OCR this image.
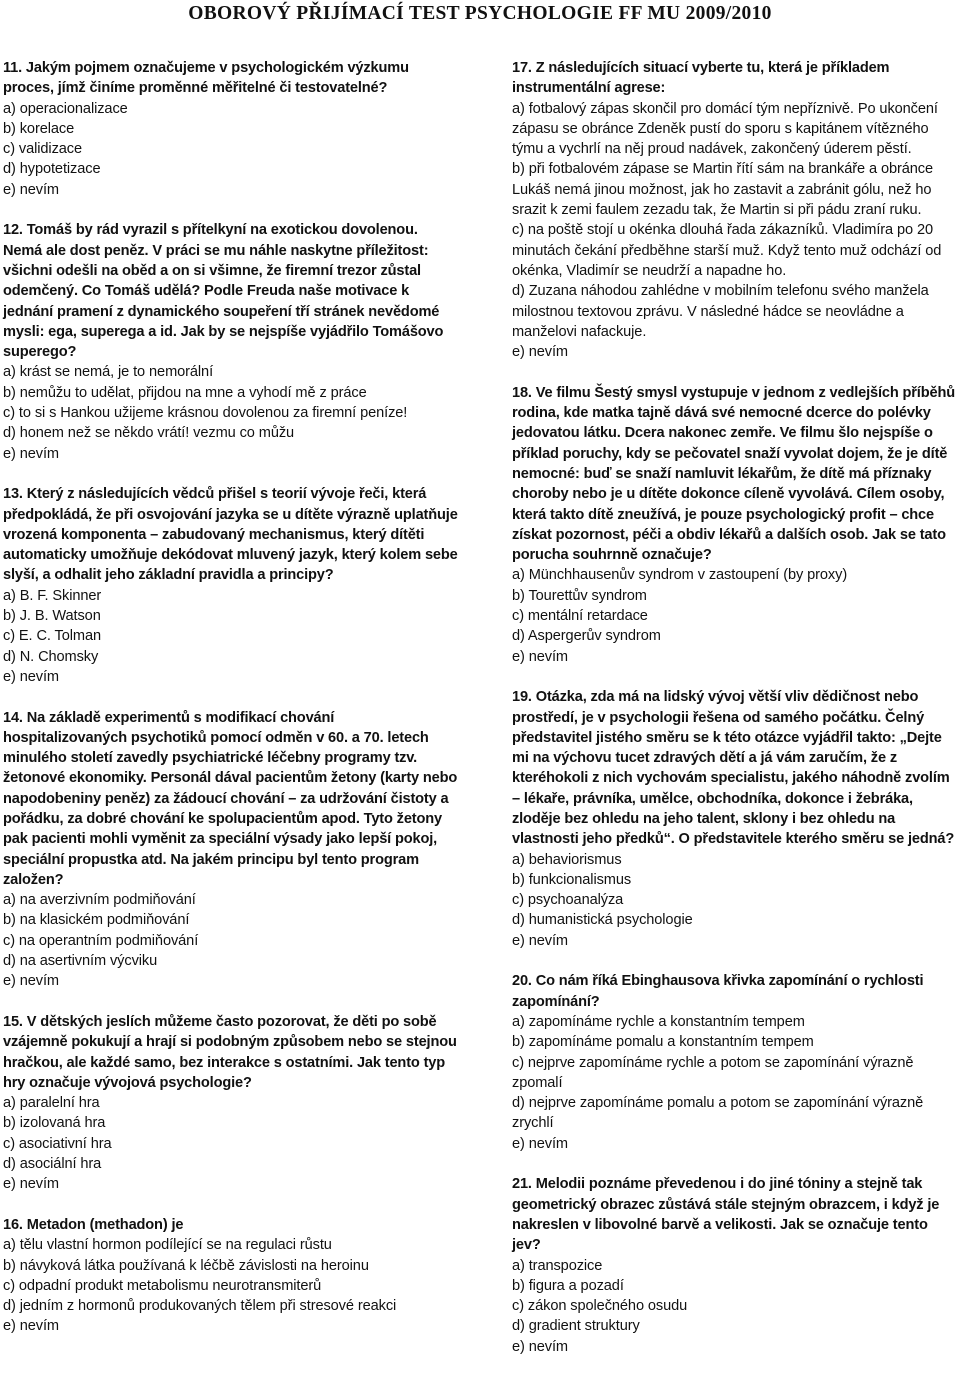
OBOROVÝ PŘIJÍMACÍ TEST PSYCHOLOGIE FF MU 2009/2010

11. Jakým pojmem označujeme v psychologickém výzkumu proces, jímž činíme proměnné měřitelné či testovatelné?

a) operacionalizace
b) korelace
c) validizace
d) hypotetizace
e) nevím

12. Tomáš by rád vyrazil s přítelkyní na exotickou dovolenou. Nemá ale dost peněz. V práci se mu náhle naskytne příležitost: všichni odešli na oběd a on si všimne, že firemní trezor zůstal odemčený. Co Tomáš udělá? Podle Freuda naše motivace k jednání pramení z dynamického soupeření tří stránek nevědomé mysli: ega, superega a id. Jak by se nejspíše vyjádřilo Tomášovo superego?

a) krást se nemá, je to nemorální
b) nemůžu to udělat, přijdou na mne a vyhodí mě z práce
c) to si s Hankou užijeme krásnou dovolenou za firemní peníze!
d) honem než se někdo vrátí! vezmu co můžu
e) nevím

13. Který z následujících vědců přišel s teorií vývoje řeči, která předpokládá, že při osvojování jazyka se u dítěte výrazně uplatňuje vrozená komponenta – zabudovaný mechanismus, který dítěti automaticky umožňuje dekódovat mluvený jazyk, který kolem sebe slyší, a odhalit jeho základní pravidla a principy?

a) B. F. Skinner
b) J. B. Watson
c) E. C. Tolman
d) N. Chomsky
e) nevím

14. Na základě experimentů s modifikací chování hospitalizovaných psychotiků pomocí odměn v 60. a 70. letech minulého století zavedly psychiatrické léčebny programy tzv. žetonové ekonomiky. Personál dával pacientům žetony (karty nebo napodobeniny peněz) za žádoucí chování – za udržování čistoty a pořádku, za dobré chování ke spolupacientům apod. Tyto žetony pak pacienti mohli vyměnit za speciální výsady jako lepší pokoj, speciální propustka atd. Na jakém principu byl tento program založen?

a) na averzivním podmiňování
b) na klasickém podmiňování
c) na operantním podmiňování
d) na asertivním výcviku
e) nevím

15. V dětských jeslích můžeme často pozorovat, že děti po sobě vzájemně pokukují a hrají si podobným způsobem nebo se stejnou hračkou, ale každé samo, bez interakce s ostatními. Jak tento typ hry označuje vývojová psychologie?

a) paralelní hra
b) izolovaná hra
c) asociativní hra
d) asociální hra
e) nevím

16. Metadon (methadon) je

a) tělu vlastní hormon podílející se na regulaci růstu
b) návyková látka používaná k léčbě závislosti na heroinu
c) odpadní produkt metabolismu neurotransmiterů
d) jedním z hormonů produkovaných tělem při stresové reakci
e) nevím

17. Z následujících situací vyberte tu, která je příkladem instrumentální agrese:

a) fotbalový zápas skončil pro domácí tým nepříznivě. Po ukončení zápasu se obránce Zdeněk pustí do sporu s kapitánem vítězného týmu a vychrlí na něj proud nadávek, zakončený úderem pěstí.
b) při fotbalovém zápase se Martin řítí sám na brankáře a obránce Lukáš nemá jinou možnost, jak ho zastavit a zabránit gólu, než ho srazit k zemi faulem zezadu tak, že Martin si při pádu zraní ruku.
c) na poště stojí u okénka dlouhá řada zákazníků. Vladimíra po 20 minutách čekání předběhne starší muž. Když tento muž odchází od okénka, Vladimír se neudrží a napadne ho.
d) Zuzana náhodou zahlédne v mobilním telefonu svého manžela milostnou textovou zprávu. V následné hádce se neovládne a manželovi nafackuje.
e) nevím

18. Ve filmu Šestý smysl vystupuje v jednom z vedlejších příběhů rodina, kde matka tajně dává své nemocné dcerce do polévky jedovatou látku. Dcera nakonec zemře. Ve filmu šlo nejspíše o příklad poruchy, kdy se pečovatel snaží vyvolat dojem, že je dítě nemocné: buď se snaží namluvit lékařům, že dítě má příznaky choroby nebo je u dítěte dokonce cíleně vyvolává. Cílem osoby, která takto dítě zneužívá, je pouze psychologický profit – chce získat pozornost, péči a obdiv lékařů a dalších osob. Jak se tato porucha souhrnně označuje?

a) Münchhausenův syndrom v zastoupení (by proxy)
b) Tourettův syndrom
c) mentální retardace
d) Aspergerův syndrom
e) nevím

19. Otázka, zda má na lidský vývoj větší vliv dědičnost nebo prostředí, je v psychologii řešena od samého počátku. Čelný představitel jistého směru se k této otázce vyjádřil takto: „Dejte mi na výchovu tucet zdravých dětí a já vám zaručím, že z kteréhokoli z nich vychovám specialistu, jakého náhodně zvolím – lékaře, právníka, umělce, obchodníka, dokonce i žebráka, zloděje bez ohledu na jeho talent, sklony i bez ohledu na vlastnosti jeho předků“. O představitele kterého směru se jedná?

a) behaviorismus
b) funkcionalismus
c) psychoanalýza
d) humanistická psychologie
e) nevím

20. Co nám říká Ebinghausova křivka zapomínání o rychlosti zapomínání?

a) zapomínáme rychle a konstantním tempem
b) zapomínáme pomalu a konstantním tempem
c) nejprve zapomínáme rychle a potom se zapomínání výrazně zpomalí
d) nejprve zapomínáme pomalu a potom se zapomínání výrazně zrychlí
e) nevím

21. Melodii poznáme převedenou i do jiné tóniny a stejně tak geometrický obrazec zůstává stále stejným obrazcem, i když je nakreslen v libovolné barvě a velikosti. Jak se označuje tento jev?

a) transpozice
b) figura a pozadí
c) zákon společného osudu
d) gradient struktury
e) nevím
